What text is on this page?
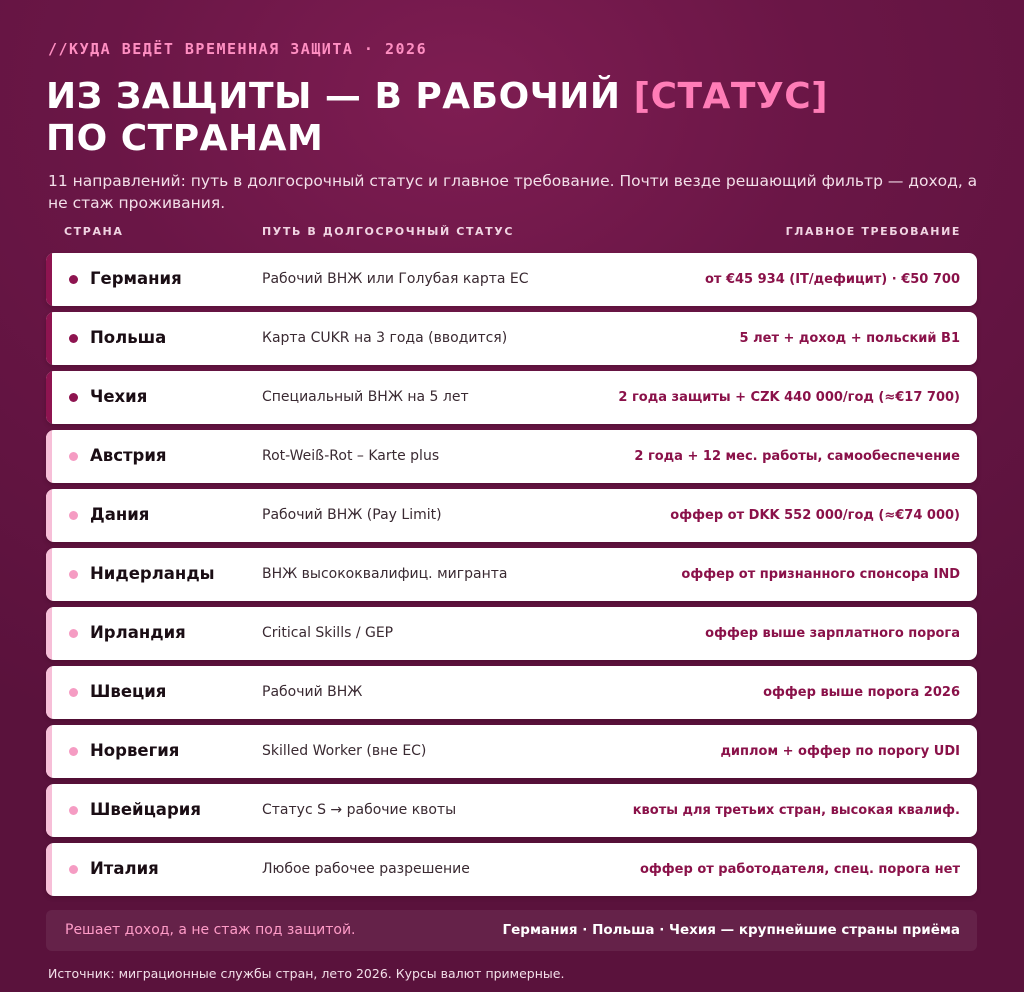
//КУДА ВЕДЁТ ВРЕМЕННАЯ ЗАЩИТА · 2026
ИЗ ЗАЩИТЫ — В РАБОЧИЙ [СТАТУС]
ПО СТРАНАМ
11 направлений: путь в долгосрочный статус и главное требование. Почти везде решающий фильтр — доход, а не стаж проживания.
СТРАНА	ПУТЬ В ДОЛГОСРОЧНЫЙ СТАТУС	ГЛАВНОЕ ТРЕБОВАНИЕ
Германия	Рабочий ВНЖ или Голубая карта ЕС	от €45 934 (IT/дефицит) · €50 700
Польша	Карта CUKR на 3 года (вводится)	5 лет + доход + польский B1
Чехия	Специальный ВНЖ на 5 лет	2 года защиты + CZK 440 000/год (≈€17 700)
Австрия	Rot-Weiß-Rot – Karte plus	2 года + 12 мес. работы, самообеспечение
Дания	Рабочий ВНЖ (Pay Limit)	оффер от DKK 552 000/год (≈€74 000)
Нидерланды	ВНЖ высококвалифиц. мигранта	оффер от признанного спонсора IND
Ирландия	Critical Skills / GEP	оффер выше зарплатного порога
Швеция	Рабочий ВНЖ	оффер выше порога 2026
Норвегия	Skilled Worker (вне ЕС)	диплом + оффер по порогу UDI
Швейцария	Статус S → рабочие квоты	квоты для третьих стран, высокая квалиф.
Италия	Любое рабочее разрешение	оффер от работодателя, спец. порога нет
Решает доход, а не стаж под защитой.	Германия · Польша · Чехия — крупнейшие страны приёма
Источник: миграционные службы стран, лето 2026. Курсы валют примерные.
